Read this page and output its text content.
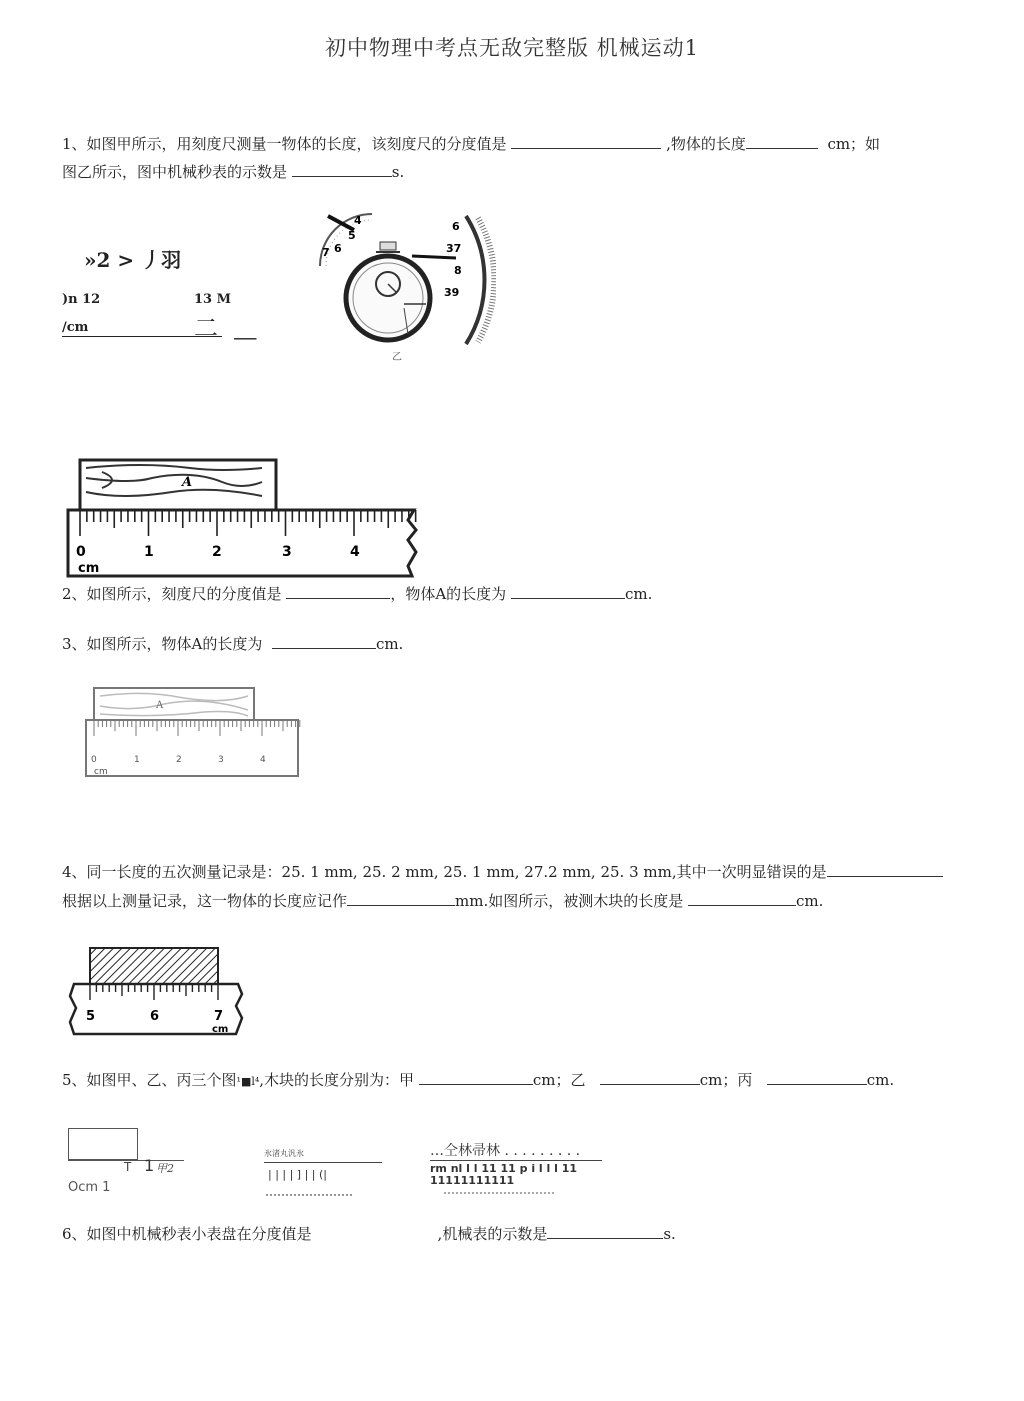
初中物理中考点无敌完整版 机械运动1
1、如图甲所示，用刻度尺测量一物体的长度，该刻度尺的分度值是	,物体的长度	cm；如
图乙所示，图中机械秒表的示数是	s.
»2 > 丿羽
)n 12	13 M
/cm	二 ___
4
5
6
7
6
37
8
39
乙
A
0	1	2	3	4
cm
2、如图所示，刻度尺的分度值是	，物体A的长度为	cm.
3、如图所示，物体A的长度为	cm.
A
0	1	2	3	4
cm
4、同一长度的五次测量记录是：25. 1 mm, 25. 2 mm, 25. 1 mm, 27.2 mm, 25. 3 mm,其中一次明显错误的是
根据以上测量记录，这一物体的长度应记作	mm.如图所示，被测木块的长度是	cm.
5	6	7
cm
5、如图甲、乙、丙三个图¹■l⁴,木块的长度分别为：甲	cm；乙	cm；丙	cm.
T 1 甲2
Ocm 1
氷渚丸汎氷
| | | | ] | | (|
…仝林帚林 . . . . . . . . .
rm nl l l 11 11 p i l l l 11
11111111111
6、如图中机械秒表小表盘在分度值是	,机械表的示数是	s.
